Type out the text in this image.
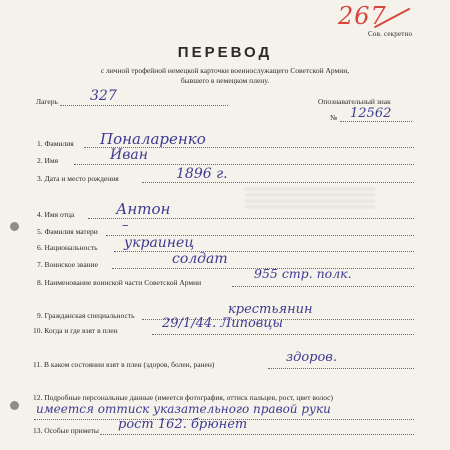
267
Сов. секретно
ПЕРЕВОД
с личной трофейной немецкой карточки военнослужащего Советской Армии,
бывшего в немецком плену.
Лагерь 327	Опознавательный знак
№ 12562
1. Фамилия Поналаренко
2. Имя	Иван
3. Дата и место рождения	1896 г.
4. Имя отца	Антон
5. Фамилия матери –
6. Национальность украинец
7. Воинское звание	солдат
8. Наименование воинской части Советской Армии
955 стр. полк.
9. Гражданская специальность	крестьянин
10. Когда и где взят в плен	29/1/44. Липовцы
11. В каком состоянии взят в плен (здоров, болен, ранен)	здоров.
12. Подробные персональные данные (имеется фотография, оттиск пальцев, рост, цвет волос)
имеется оттиск указательного правой руки
13. Особые приметы рост 162. брюнет
